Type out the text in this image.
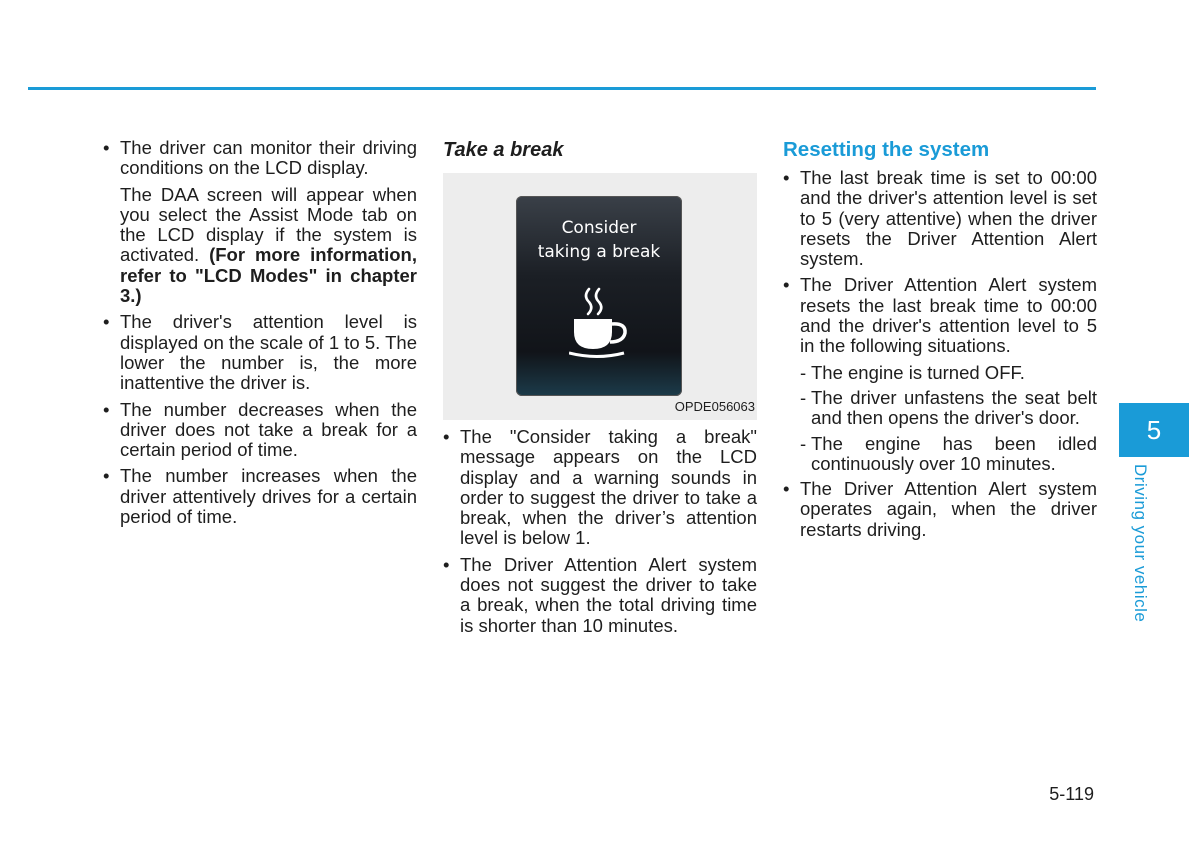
• The driver can monitor their driving conditions on the LCD display.
The DAA screen will appear when you select the Assist Mode tab on the LCD display if the system is activated. (For more information, refer to "LCD Modes" in chapter 3.)
• The driver's attention level is displayed on the scale of 1 to 5. The lower the number is, the more inattentive the driver is.
• The number decreases when the driver does not take a break for a certain period of time.
• The number increases when the driver attentively drives for a certain period of time.
Take a break
Consider
taking a break
OPDE056063
• The "Consider taking a break" message appears on the LCD display and a warning sounds in order to suggest the driver to take a break, when the driver’s attention level is below 1.
• The Driver Attention Alert system does not suggest the driver to take a break, when the total driving time is shorter than 10 minutes.
Resetting the system
• The last break time is set to 00:00 and the driver's attention level is set to 5 (very attentive) when the driver resets the Driver Attention Alert system.
• The Driver Attention Alert system resets the last break time to 00:00 and the driver's attention level to 5 in the following situations.
- The engine is turned OFF.
- The driver unfastens the seat belt and then opens the driver's door.
- The engine has been idled continuously over 10 minutes.
• The Driver Attention Alert system operates again, when the driver restarts driving.
5
Driving your vehicle
5-119
